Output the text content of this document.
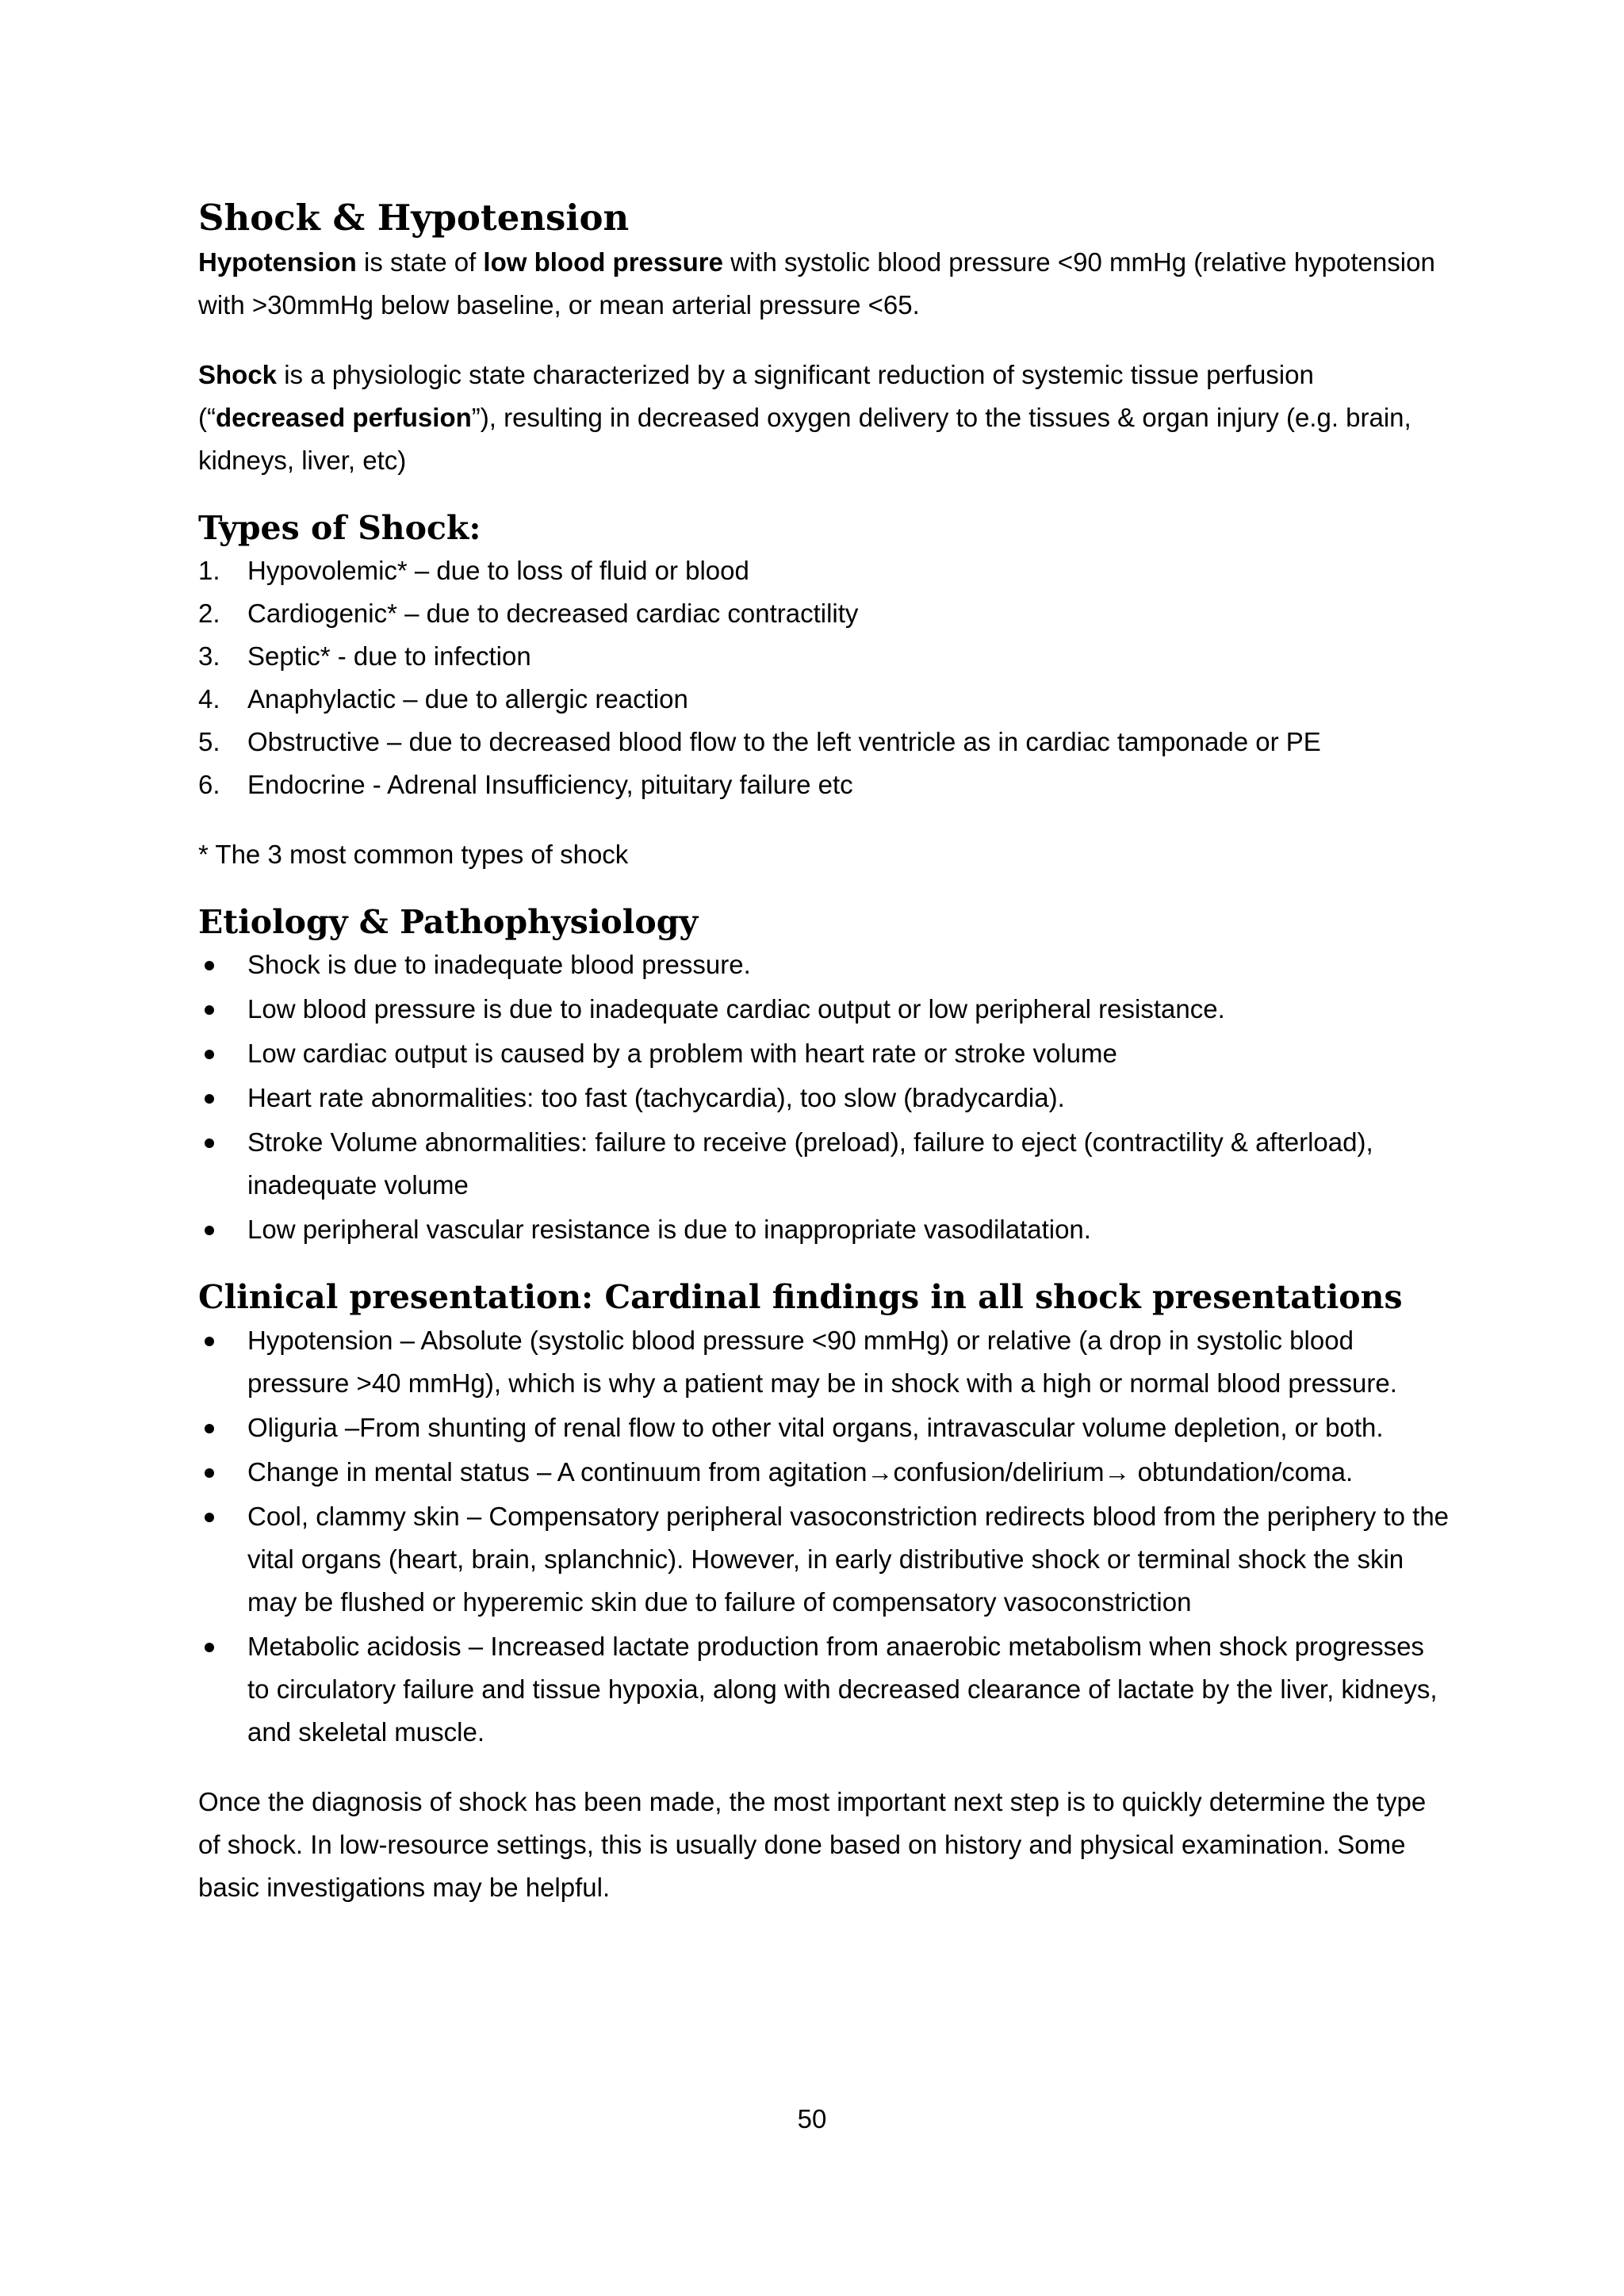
Shock & Hypotension

Hypotension is state of low blood pressure with systolic blood pressure <90 mmHg (relative hypotension with >30mmHg below baseline, or mean arterial pressure <65.

Shock is a physiologic state characterized by a significant reduction of systemic tissue perfusion (“decreased perfusion”), resulting in decreased oxygen delivery to the tissues & organ injury (e.g. brain, kidneys, liver, etc)

Types of Shock:
1. Hypovolemic* – due to loss of fluid or blood
2. Cardiogenic* – due to decreased cardiac contractility
3. Septic* - due to infection
4. Anaphylactic – due to allergic reaction
5. Obstructive – due to decreased blood flow to the left ventricle as in cardiac tamponade or PE
6. Endocrine - Adrenal Insufficiency, pituitary failure etc

* The 3 most common types of shock

Etiology & Pathophysiology
Shock is due to inadequate blood pressure.
Low blood pressure is due to inadequate cardiac output or low peripheral resistance.
Low cardiac output is caused by a problem with heart rate or stroke volume
Heart rate abnormalities: too fast (tachycardia), too slow (bradycardia).
Stroke Volume abnormalities: failure to receive (preload), failure to eject (contractility & afterload), inadequate volume
Low peripheral vascular resistance is due to inappropriate vasodilatation.
Clinical presentation: Cardinal findings in all shock presentations
Hypotension – Absolute (systolic blood pressure <90 mmHg) or relative (a drop in systolic blood pressure >40 mmHg), which is why a patient may be in shock with a high or normal blood pressure.
Oliguria –From shunting of renal flow to other vital organs, intravascular volume depletion, or both.
Change in mental status – A continuum from agitation→confusion/delirium→ obtundation/coma.
Cool, clammy skin – Compensatory peripheral vasoconstriction redirects blood from the periphery to the vital organs (heart, brain, splanchnic). However, in early distributive shock or terminal shock the skin may be flushed or hyperemic skin due to failure of compensatory vasoconstriction
Metabolic acidosis – Increased lactate production from anaerobic metabolism when shock progresses to circulatory failure and tissue hypoxia, along with decreased clearance of lactate by the liver, kidneys, and skeletal muscle.

Once the diagnosis of shock has been made, the most important next step is to quickly determine the type of shock. In low-resource settings, this is usually done based on history and physical examination. Some basic investigations may be helpful.

50
